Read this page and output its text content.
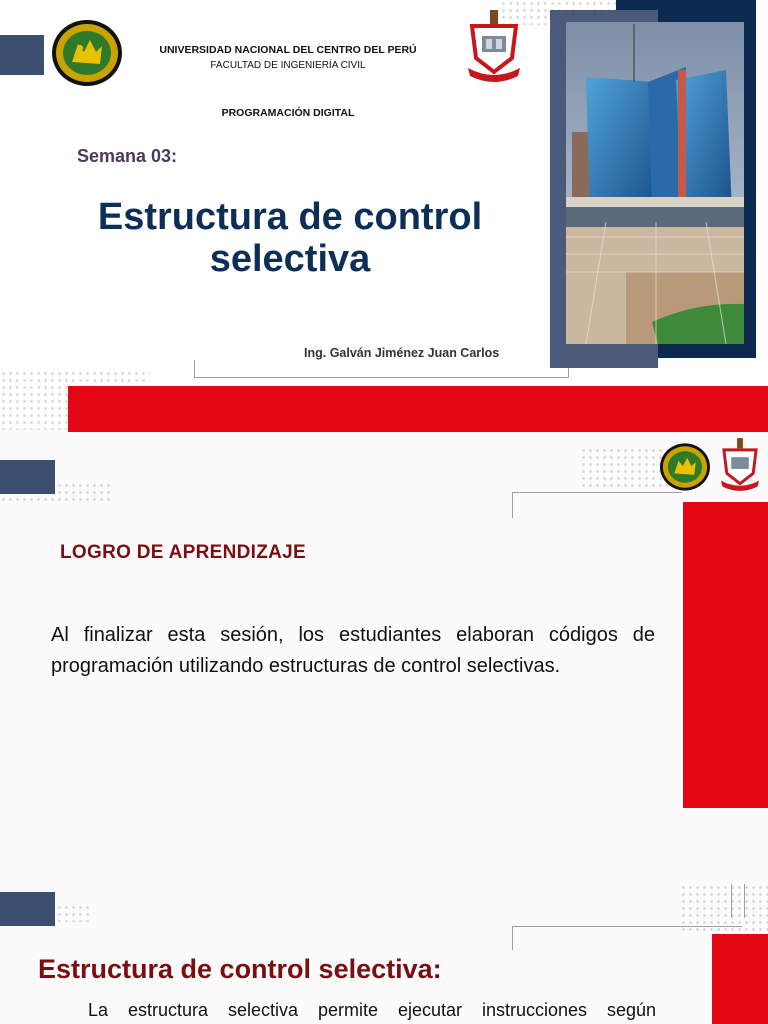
UNIVERSIDAD NACIONAL DEL CENTRO DEL PERÚ
FACULTAD DE INGENIERÍA CIVIL
PROGRAMACIÓN DIGITAL
Semana 03:
Estructura de control
selectiva
Ing. Galván Jiménez Juan Carlos
LOGRO DE APRENDIZAJE
Al finalizar esta sesión, los estudiantes elaboran códigos de programación utilizando estructuras de control selectivas.
Estructura de control selectiva:
La estructura selectiva permite ejecutar instrucciones según
